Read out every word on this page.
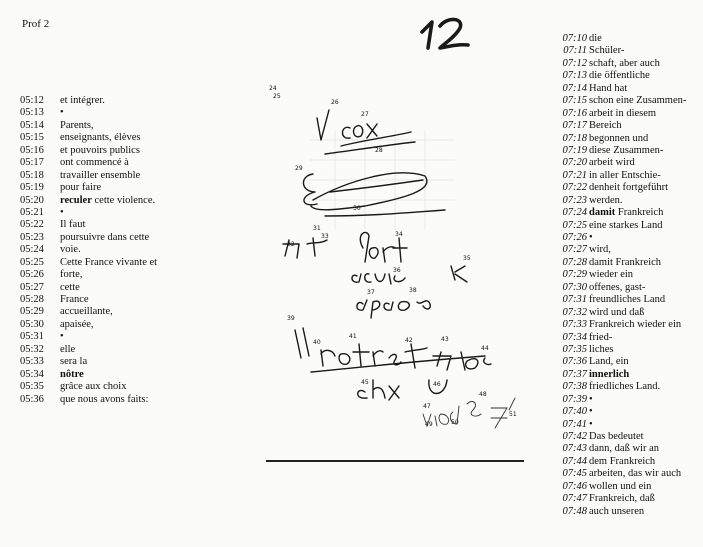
Prof 2
05:12 et intégrer.
05:13 •
05:14 Parents,
05:15 enseignants, élèves
05:16 et pouvoirs publics
05:17 ont commencé à
05:18 travailler ensemble
05:19 pour faire
05:20 reculer cette violence.
05:21 •
05:22 Il faut
05:23 poursuivre dans cette
05:24 voie.
05:25 Cette France vivante et
05:26 forte,
05:27 cette
05:28 France
05:29 accueillante,
05:30 apaisée,
05:31 •
05:32 elle
05:33 sera la
05:34 nôtre
05:35 grâce aux choix
05:36 que nous avons faits:
07:10 die
07:11 Schüler-
07:12 schaft, aber auch
07:13 die öffentliche
07:14 Hand hat
07:15 schon eine Zusammen-
07:16 arbeit in diesem
07:17 Bereich
07:18 begonnen und
07:19 diese Zusammen-
07:20 arbeit wird
07:21 in aller Entschie-
07:22 denheit fortgeführt
07:23 werden.
07:24 damit Frankreich
07:25 eine starkes Land
07:26 •
07:27 wird,
07:28 damit Frankreich
07:29 wieder ein
07:30 offenes, gast-
07:31 freundliches Land
07:32 wird und daß
07:33 Frankreich wieder ein
07:34 fried-
07:35 liches
07:36 Land, ein
07:37 innerlich
07:38 friedliches Land.
07:39 •
07:40 •
07:41 •
07:42 Das bedeutet
07:43 dann, daß wir an
07:44 dem Frankreich
07:45 arbeiten, das wir auch
07:46 wollen und ein
07:47 Frankreich, daß
07:48 auch unseren
24
25
26
27
28
29
30
31
32
33	34
35
36
37	38
39
40
41
42	43
44
45	46
47
48
49	50
51
